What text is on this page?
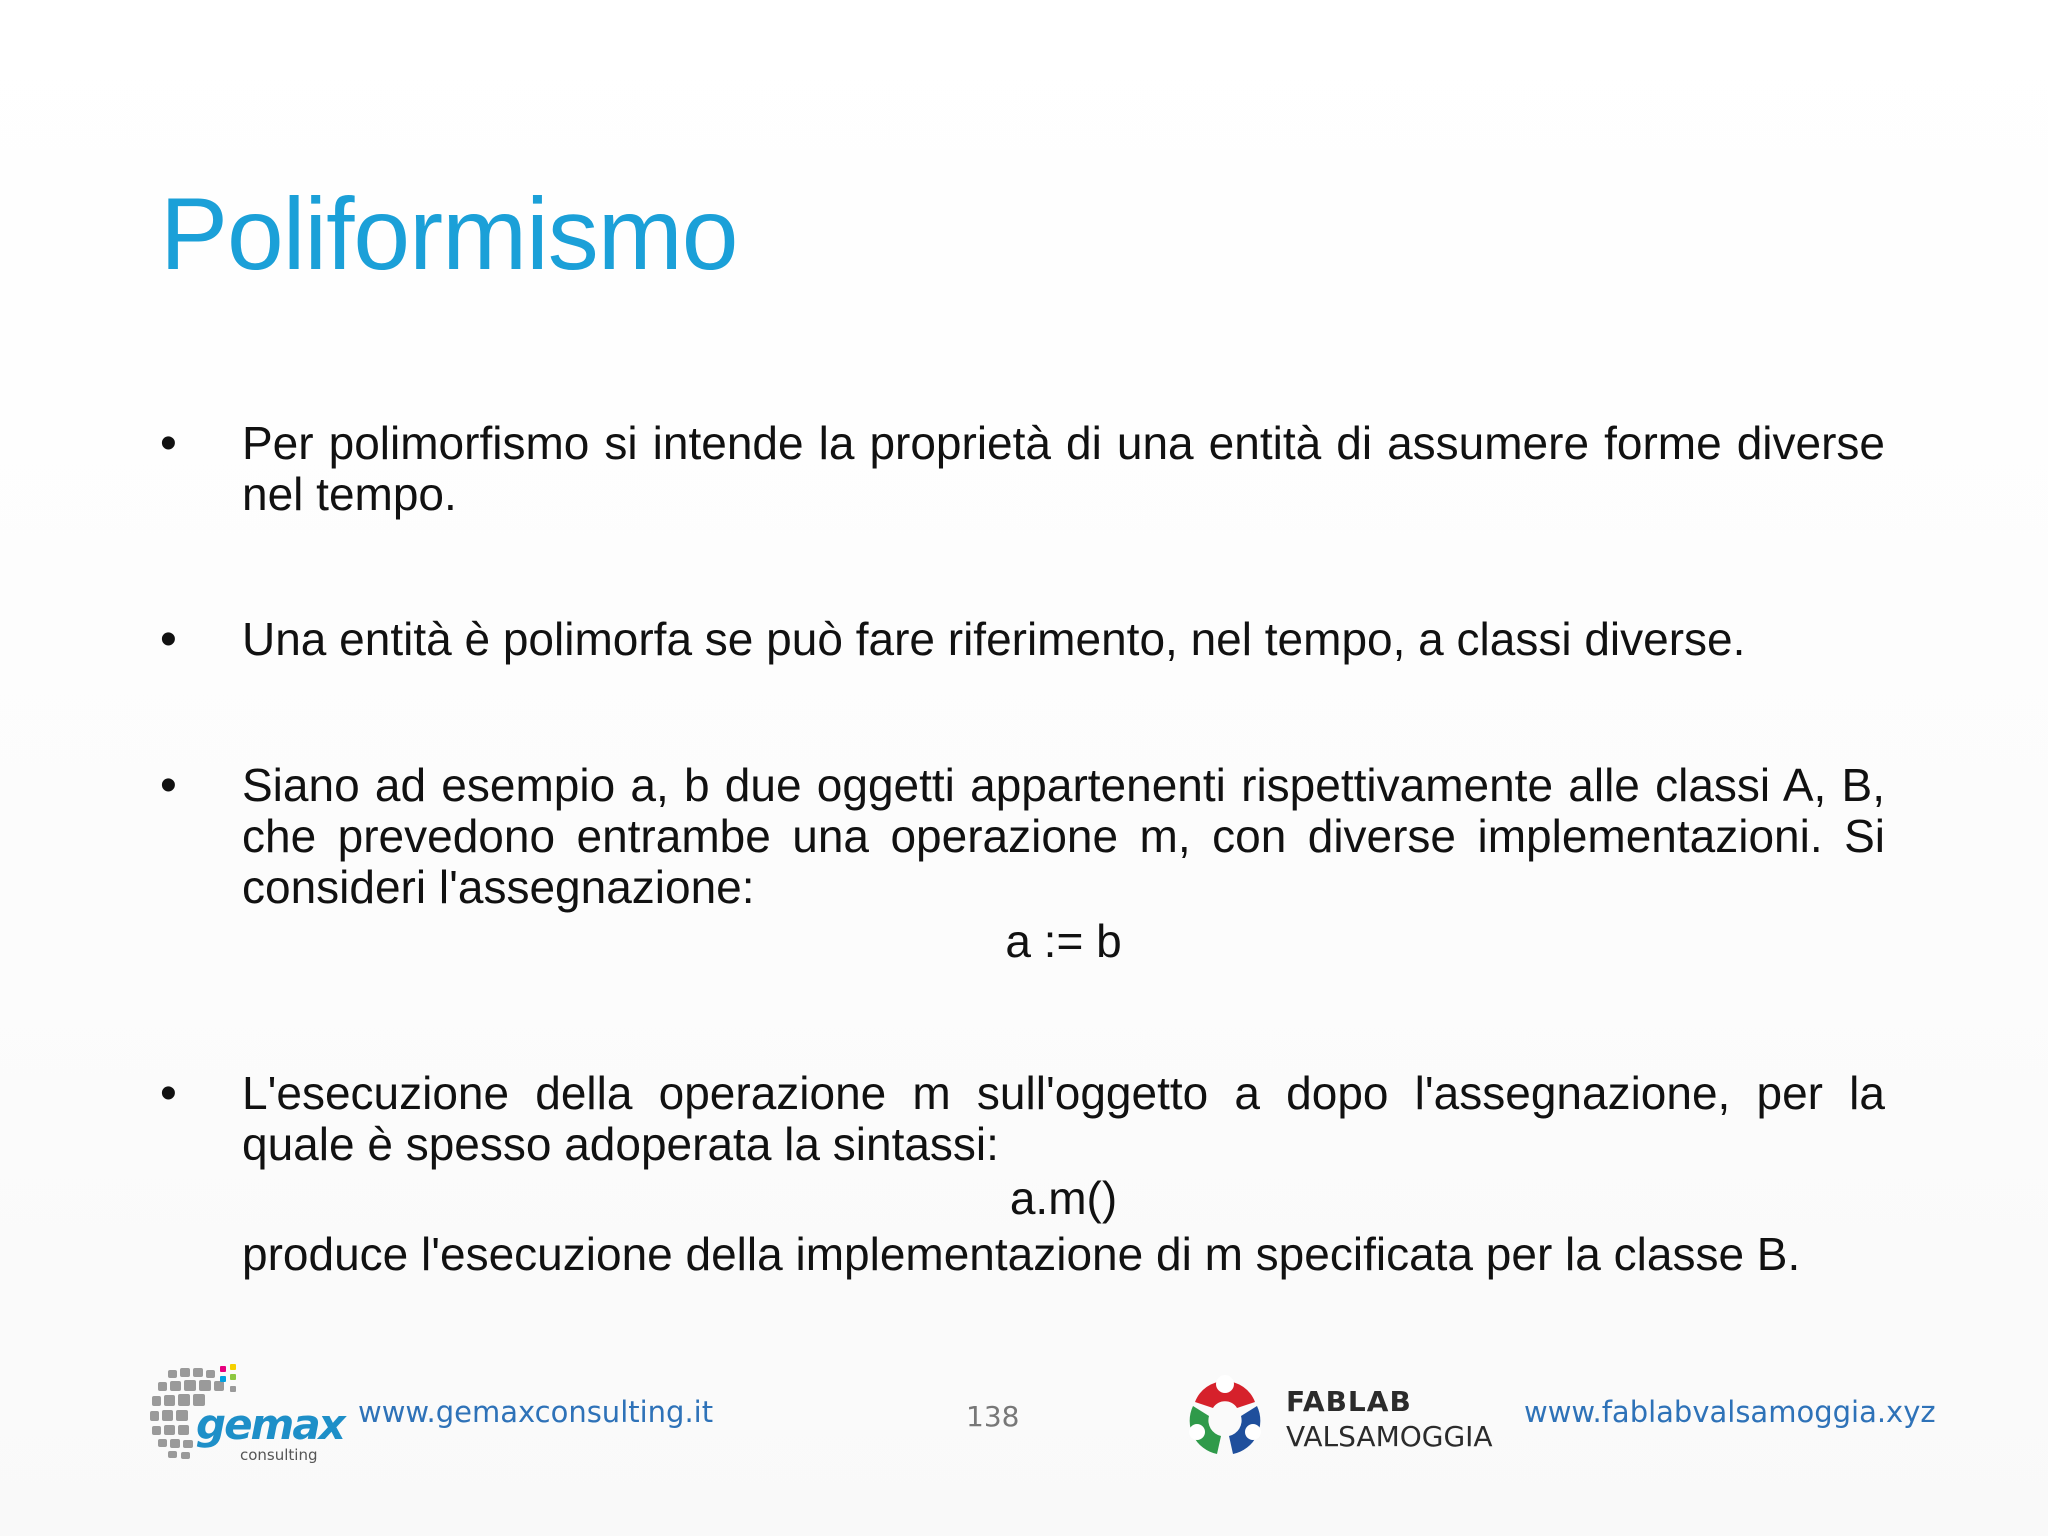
Poliformismo
•	Per polimorfismo si intende la proprietà di una entità di assumere forme diverse nel tempo.
•	Una entità è polimorfa se può fare riferimento, nel tempo, a classi diverse.
•	Siano ad esempio a, b due oggetti appartenenti rispettivamente alle classi A, B, che prevedono entrambe una operazione m, con diverse implementazioni. Si consideri l'assegnazione:
a := b
•	L'esecuzione della operazione m sull'oggetto a dopo l'assegnazione, per la quale è spesso adoperata la sintassi:
a.m()
produce l'esecuzione della implementazione di m specificata per la classe B.
gemax
consulting
www.gemaxconsulting.it	138	FABLAB
VALSAMOGGIA
www.fablabvalsamoggia.xyz
